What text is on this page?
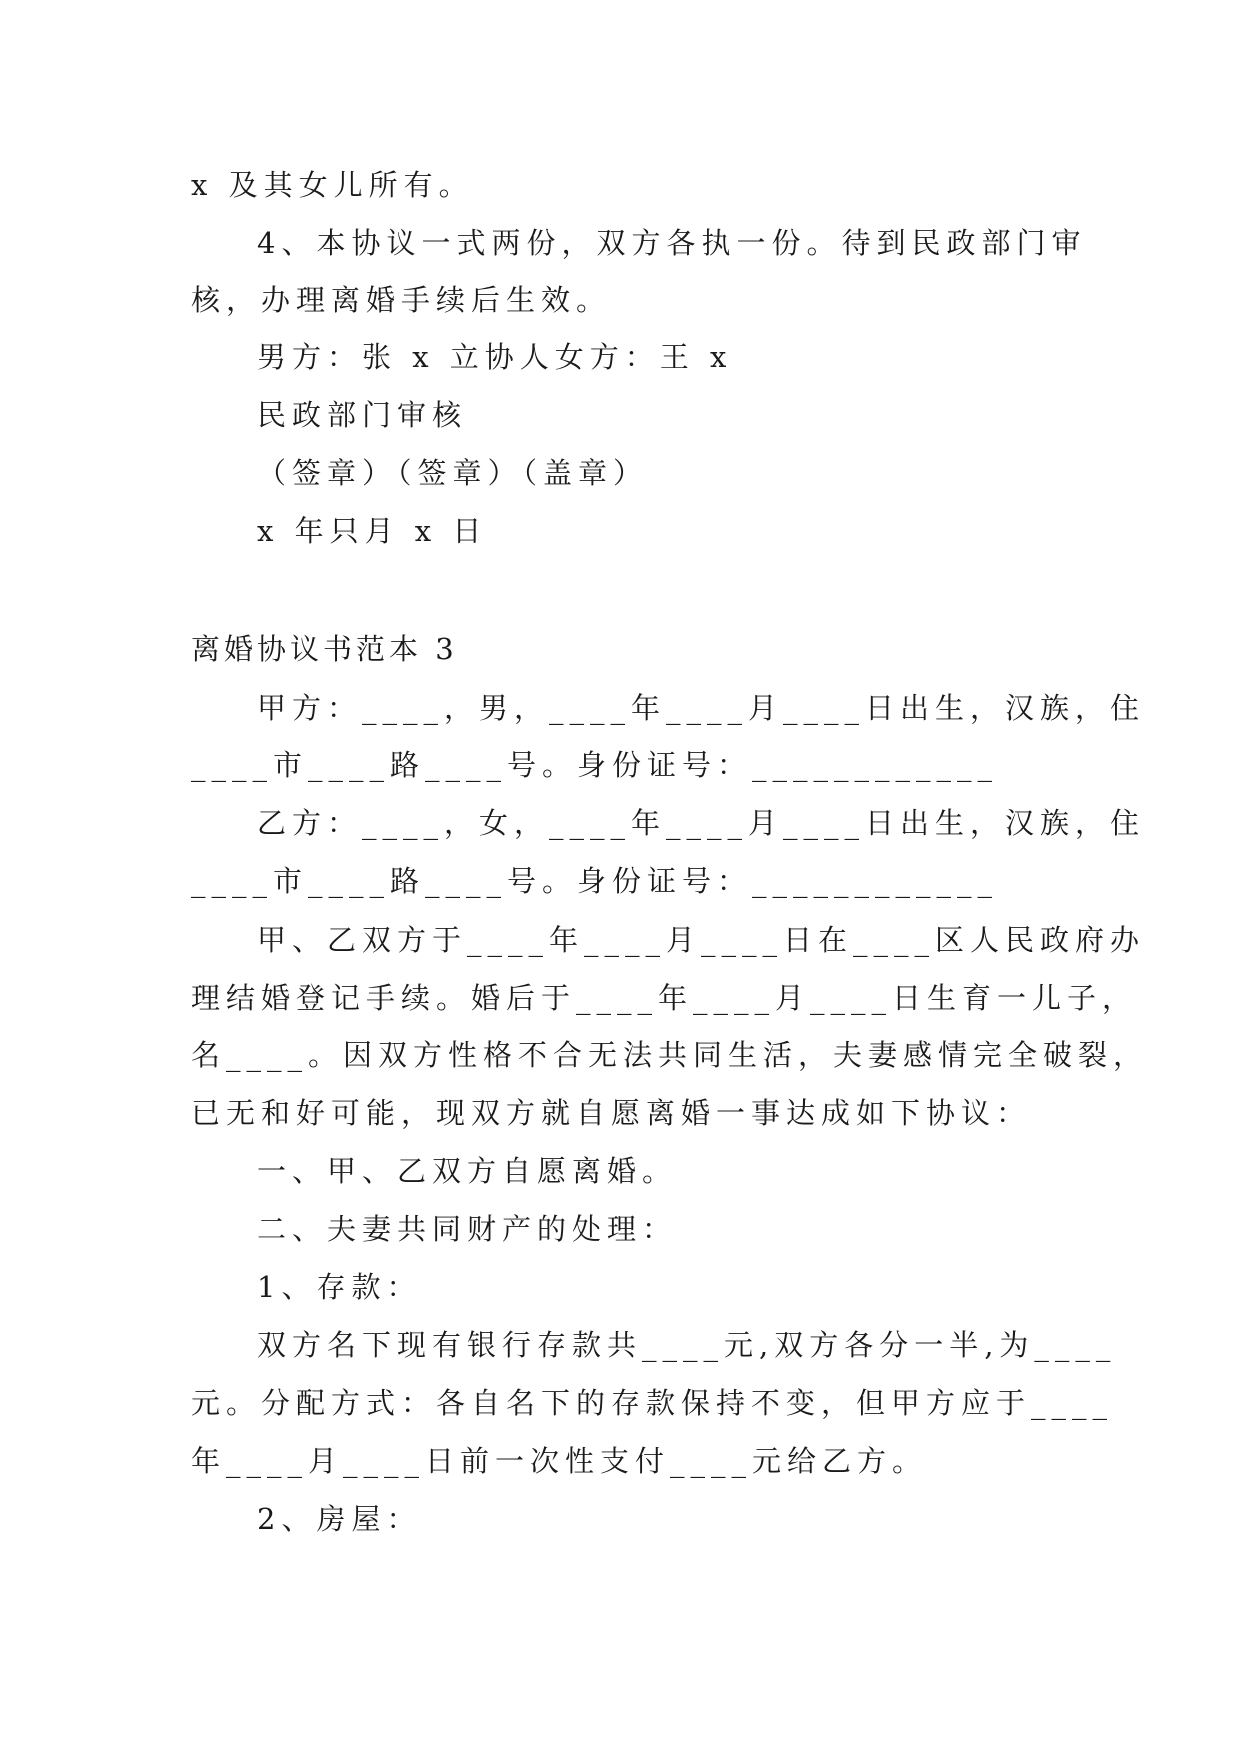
x 及其女儿所有。
4、本协议一式两份，双方各执一份。待到民政部门审
核，办理离婚手续后生效。
男方：张 x 立协人女方：王 x
民政部门审核
（签章）（签章）（盖章）
x 年只月 x 日
离婚协议书范本 3
甲方：____，男，____年____月____日出生，汉族，住
____市____路____号。身份证号：____________
乙方：____，女，____年____月____日出生，汉族，住
____市____路____号。身份证号：____________
甲、乙双方于____年____月____日在____区人民政府办
理结婚登记手续。婚后于____年____月____日生育一儿子，
名____。因双方性格不合无法共同生活，夫妻感情完全破裂，
已无和好可能，现双方就自愿离婚一事达成如下协议：
一、甲、乙双方自愿离婚。
二、夫妻共同财产的处理：
1、存款：
双方名下现有银行存款共____元,双方各分一半,为____
元。分配方式：各自名下的存款保持不变，但甲方应于____
年____月____日前一次性支付____元给乙方。
2、房屋：
